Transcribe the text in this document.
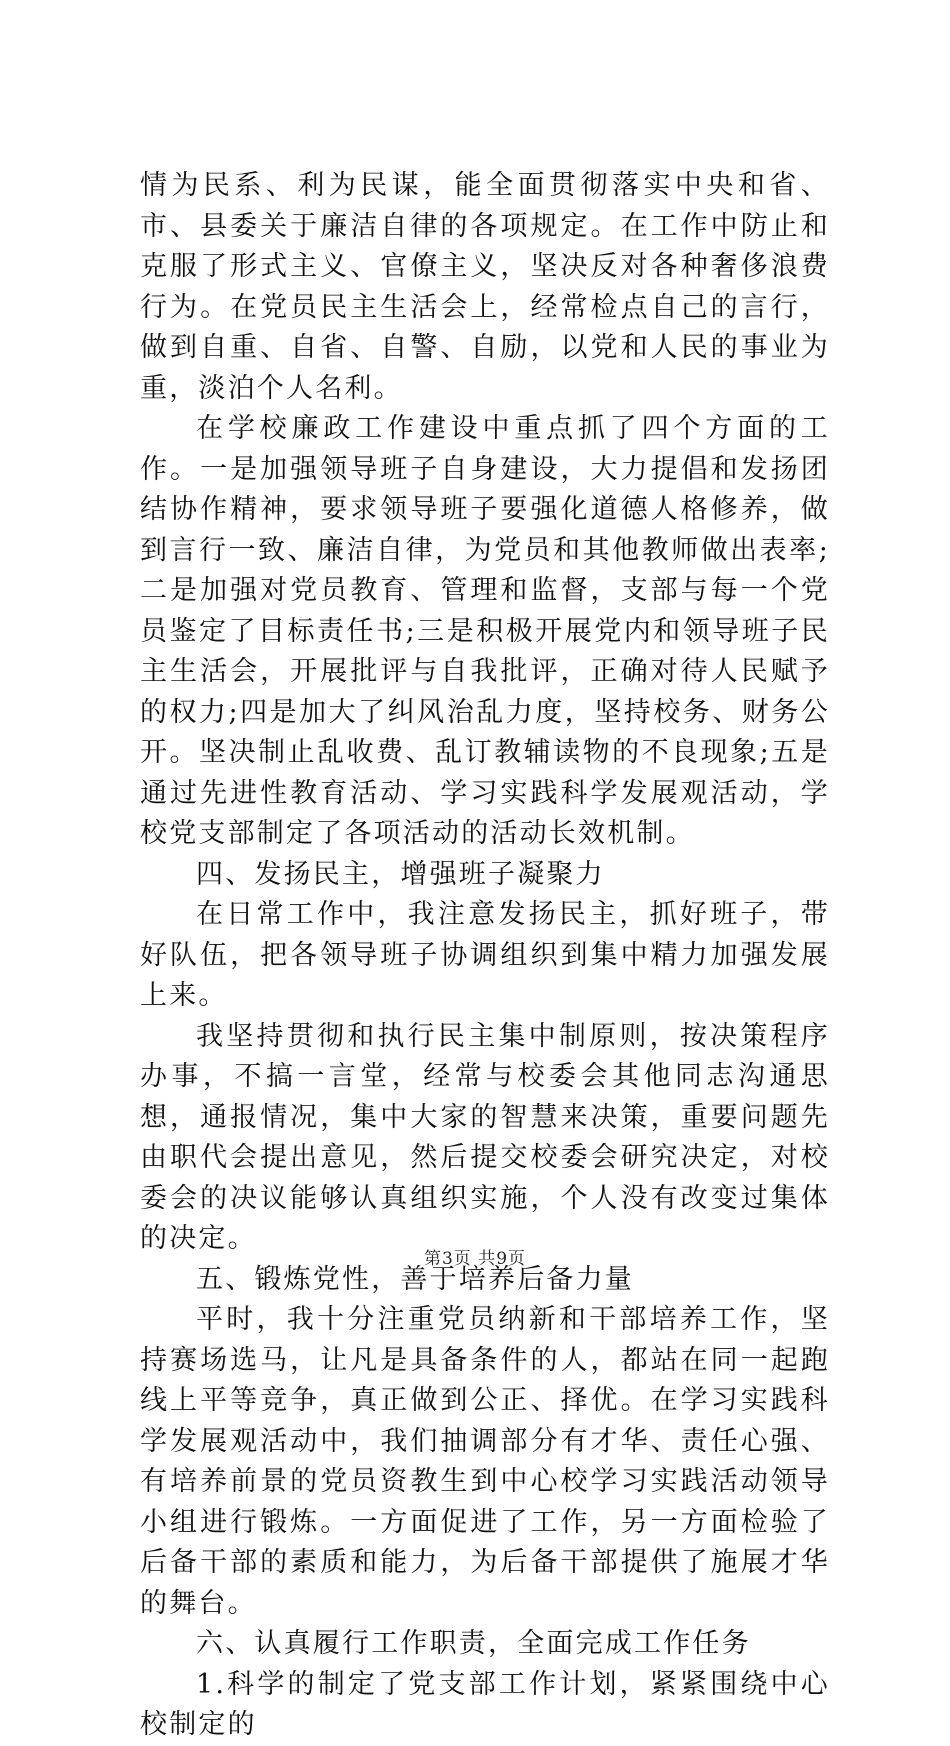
情为民系、利为民谋，能全面贯彻落实中央和省、市、县委关于廉洁自律的各项规定。在工作中防止和克服了形式主义、官僚主义，坚决反对各种奢侈浪费行为。在党员民主生活会上，经常检点自己的言行，做到自重、自省、自警、自励，以党和人民的事业为重，淡泊个人名利。

在学校廉政工作建设中重点抓了四个方面的工作。一是加强领导班子自身建设，大力提倡和发扬团结协作精神，要求领导班子要强化道德人格修养，做到言行一致、廉洁自律，为党员和其他教师做出表率;二是加强对党员教育、管理和监督，支部与每一个党员鉴定了目标责任书;三是积极开展党内和领导班子民主生活会，开展批评与自我批评，正确对待人民赋予的权力;四是加大了纠风治乱力度，坚持校务、财务公开。坚决制止乱收费、乱订教辅读物的不良现象;五是通过先进性教育活动、学习实践科学发展观活动，学校党支部制定了各项活动的活动长效机制。

四、发扬民主，增强班子凝聚力

在日常工作中，我注意发扬民主，抓好班子，带好队伍，把各领导班子协调组织到集中精力加强发展上来。

我坚持贯彻和执行民主集中制原则，按决策程序办事，不搞一言堂，经常与校委会其他同志沟通思想，通报情况，集中大家的智慧来决策，重要问题先由职代会提出意见，然后提交校委会研究决定，对校委会的决议能够认真组织实施，个人没有改变过集体的决定。

五、锻炼党性，善于培养后备力量

平时，我十分注重党员纳新和干部培养工作，坚持赛场选马，让凡是具备条件的人，都站在同一起跑线上平等竞争，真正做到公正、择优。在学习实践科学发展观活动中，我们抽调部分有才华、责任心强、有培养前景的党员资教生到中心校学习实践活动领导小组进行锻炼。一方面促进了工作，另一方面检验了后备干部的素质和能力，为后备干部提供了施展才华的舞台。

六、认真履行工作职责，全面完成工作任务

1.科学的制定了党支部工作计划，紧紧围绕中心校制定的

第3页 共9页
